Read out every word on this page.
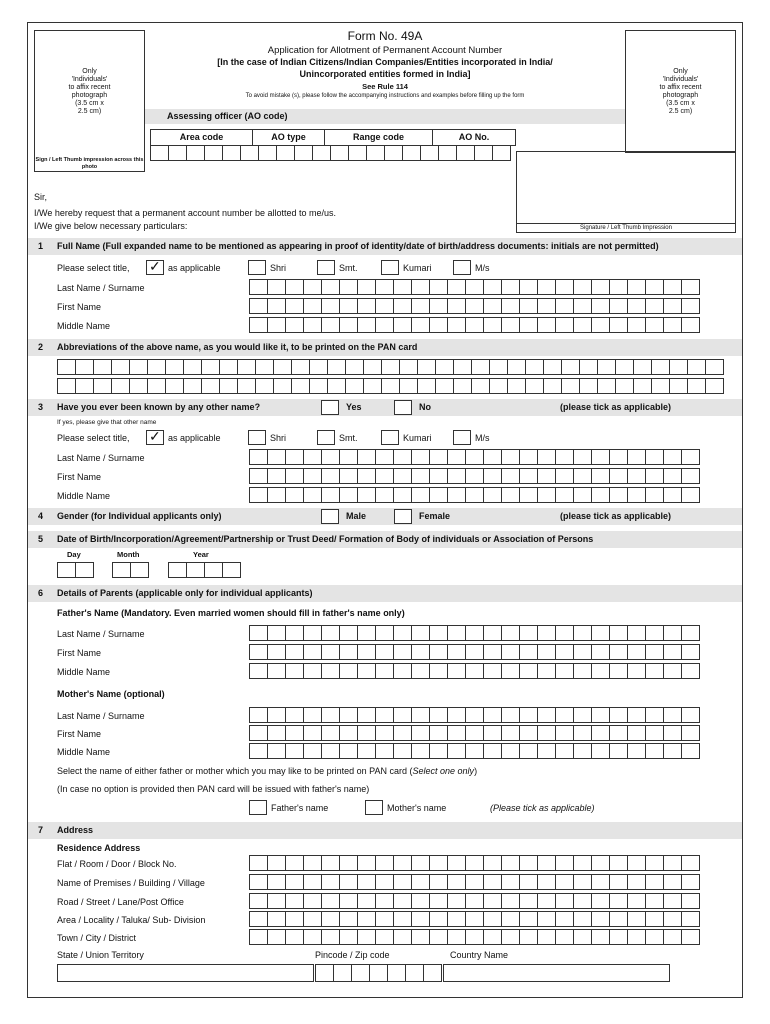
Only
'Individuals'
to affix recent
photograph
(3.5 cm x
2.5 cm)
Sign / Left Thumb impression across this photo
Only
'Individuals'
to affix recent
photograph
(3.5 cm x
2.5 cm)
Form No. 49A
Application for Allotment of Permanent Account Number
[In the case of Indian Citizens/Indian Companies/Entities incorporated in India/
Unincorporated entities formed in India]
See Rule 114
To avoid mistake (s), please follow the accompanying instructions and examples before filling up the form
Assessing officer (AO code)
Area code	AO type	Range code	AO No.
Signature / Left Thumb Impression
Sir,
I/We hereby request that a permanent account number be allotted to me/us.
I/We give below necessary particulars:
1 Full Name (Full expanded name to be mentioned as appearing in proof of identity/date of birth/address documents: initials are not permitted)
Please select title, ✓ as applicable	Shri	Smt.	Kumari	M/s
Last Name / Surname
First Name
Middle Name
2 Abbreviations of the above name, as you would like it, to be printed on the PAN card
3 Have you ever been known by any other name?	Yes	No	(please tick as applicable)
If yes, please give that other name
Please select title, ✓ as applicable	Shri	Smt.	Kumari	M/s
Last Name / Surname
First Name
Middle Name
4 Gender (for Individual applicants only)	Male	Female	(please tick as applicable)
5 Date of Birth/Incorporation/Agreement/Partnership or Trust Deed/ Formation of Body of individuals or Association of Persons
Day	Month	Year
6 Details of Parents (applicable only for individual applicants)
Father's Name (Mandatory. Even married women should fill in father's name only)
Last Name / Surname
First Name
Middle Name
Mother's Name (optional)
Last Name / Surname
First Name
Middle Name
Select the name of either father or mother which you may like to be printed on PAN card (Select one only)
(In case no option is provided then PAN card will be issued with father's name)
Father's name	Mother's name	(Please tick as applicable)
7 Address
Residence Address
Flat / Room / Door / Block No.
Name of Premises / Building / Village
Road / Street / Lane/Post Office
Area / Locality / Taluka/ Sub- Division
Town / City / District
State / Union Territory	Pincode / Zip code	Country Name
